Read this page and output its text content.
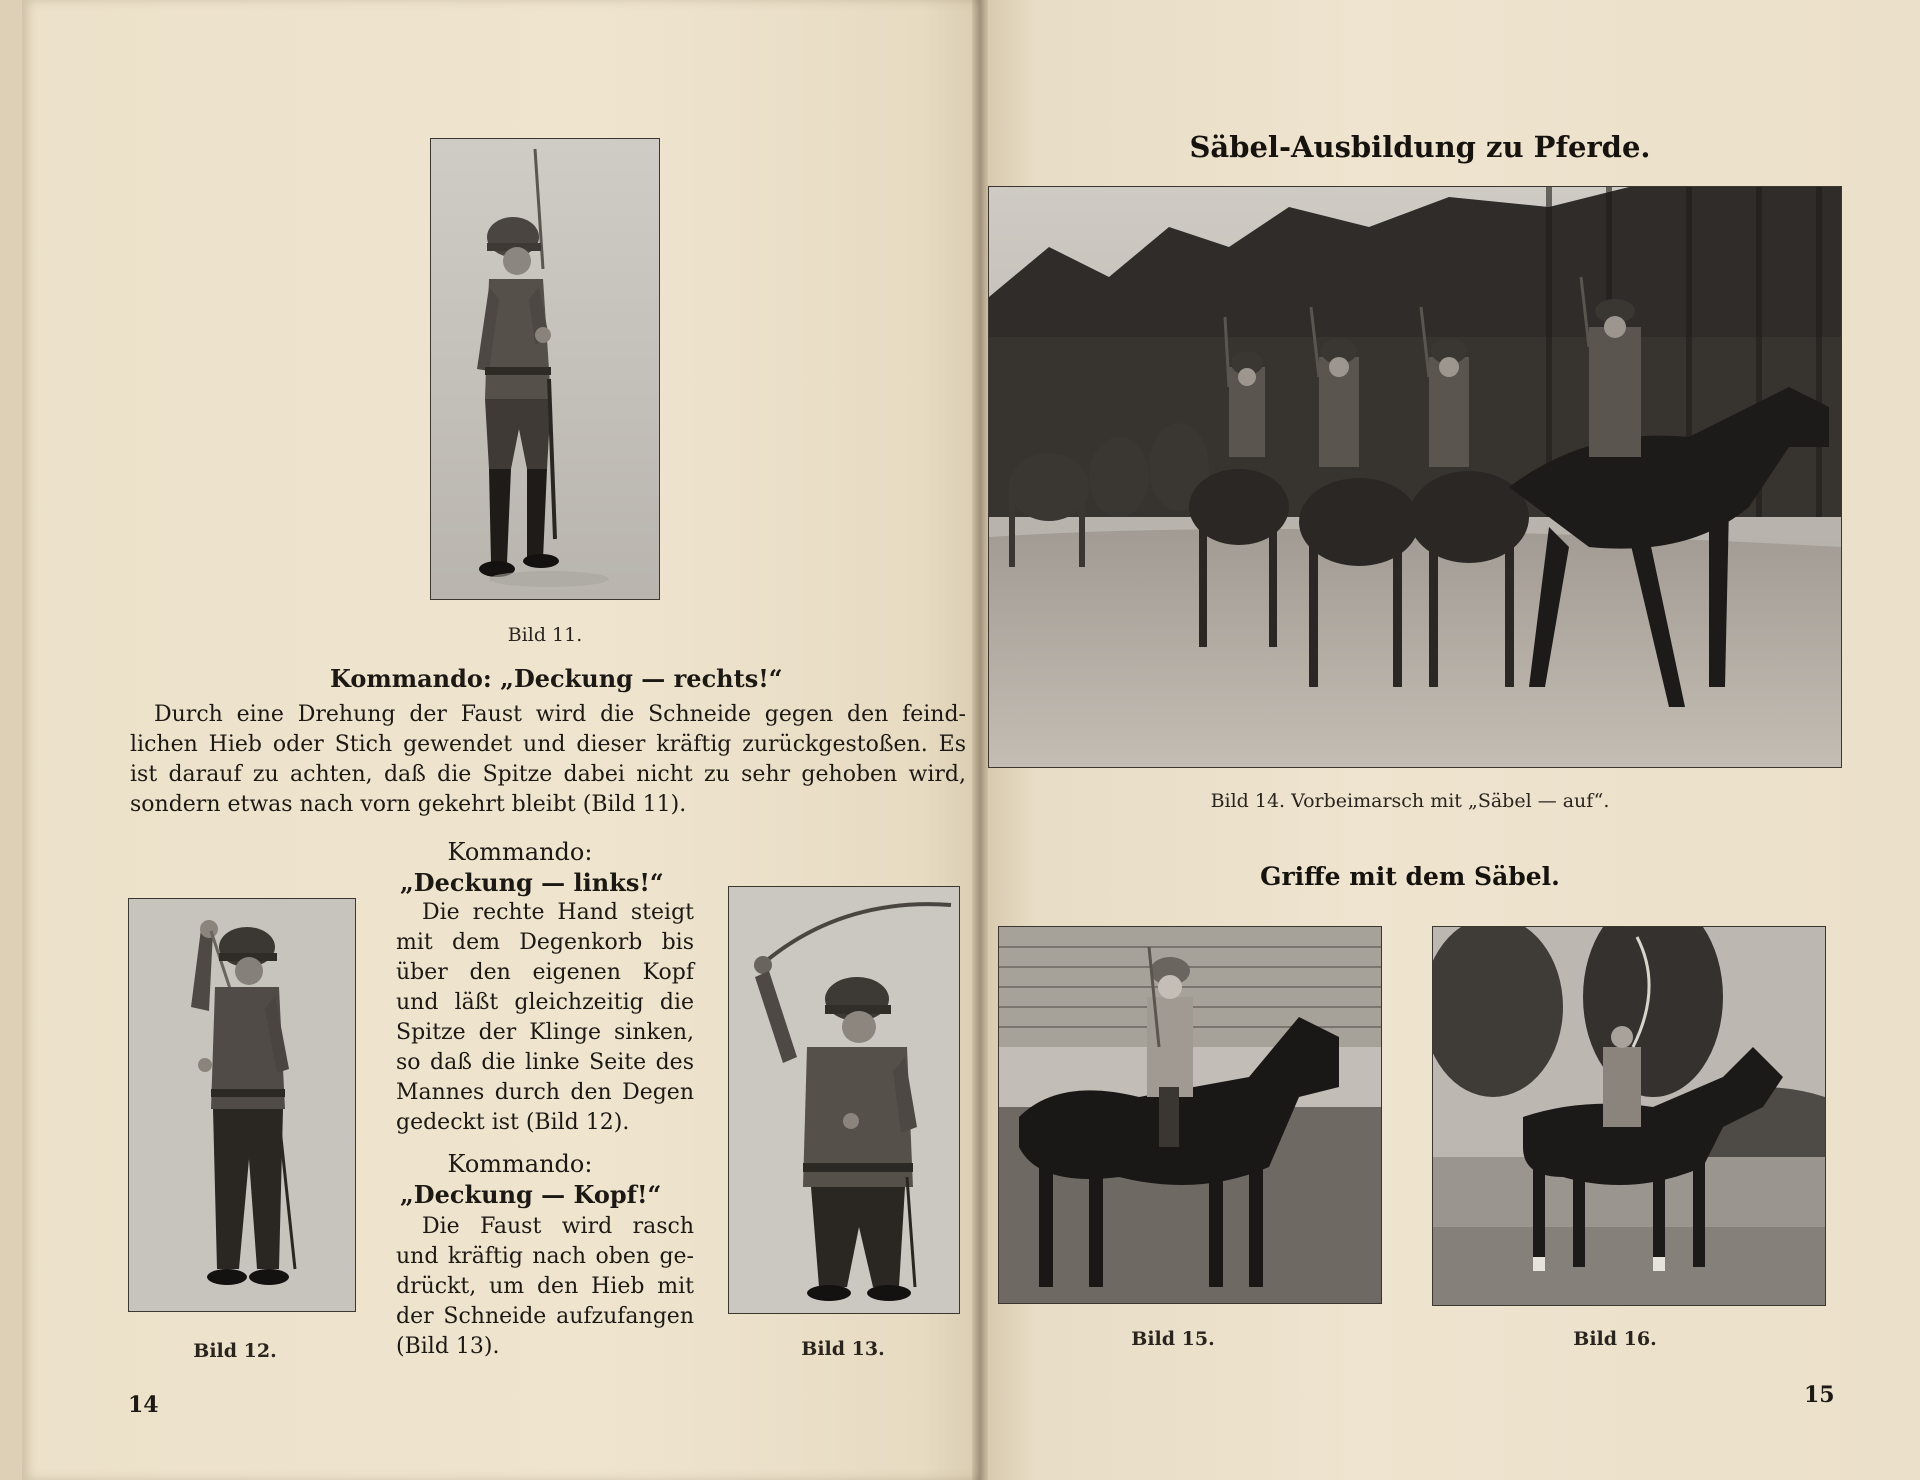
Bild 11.
Kommando: „Deckung — rechts!“
Durch eine Drehung der Faust wird die Schneide gegen den feind-
lichen Hieb oder Stich gewendet und dieser kräftig zurückgestoßen. Es
ist darauf zu achten, daß die Spitze dabei nicht zu sehr gehoben wird,
sondern etwas nach vorn gekehrt bleibt (Bild 11).
Bild 12.
Kommando:
„Deckung — links!“
Die rechte Hand steigt
mit dem Degenkorb bis
über den eigenen Kopf
und läßt gleichzeitig die
Spitze der Klinge sinken,
so daß die linke Seite des
Mannes durch den Degen
gedeckt ist (Bild 12).
Kommando:
„Deckung — Kopf!“
Die Faust wird rasch
und kräftig nach oben ge-
drückt, um den Hieb mit
der Schneide aufzufangen
(Bild 13).	Bild 13.
14
Säbel-Ausbildung zu Pferde.
Bild 14. Vorbeimarsch mit „Säbel — auf“.
Griffe mit dem Säbel.
Bild 15.	Bild 16.
15
